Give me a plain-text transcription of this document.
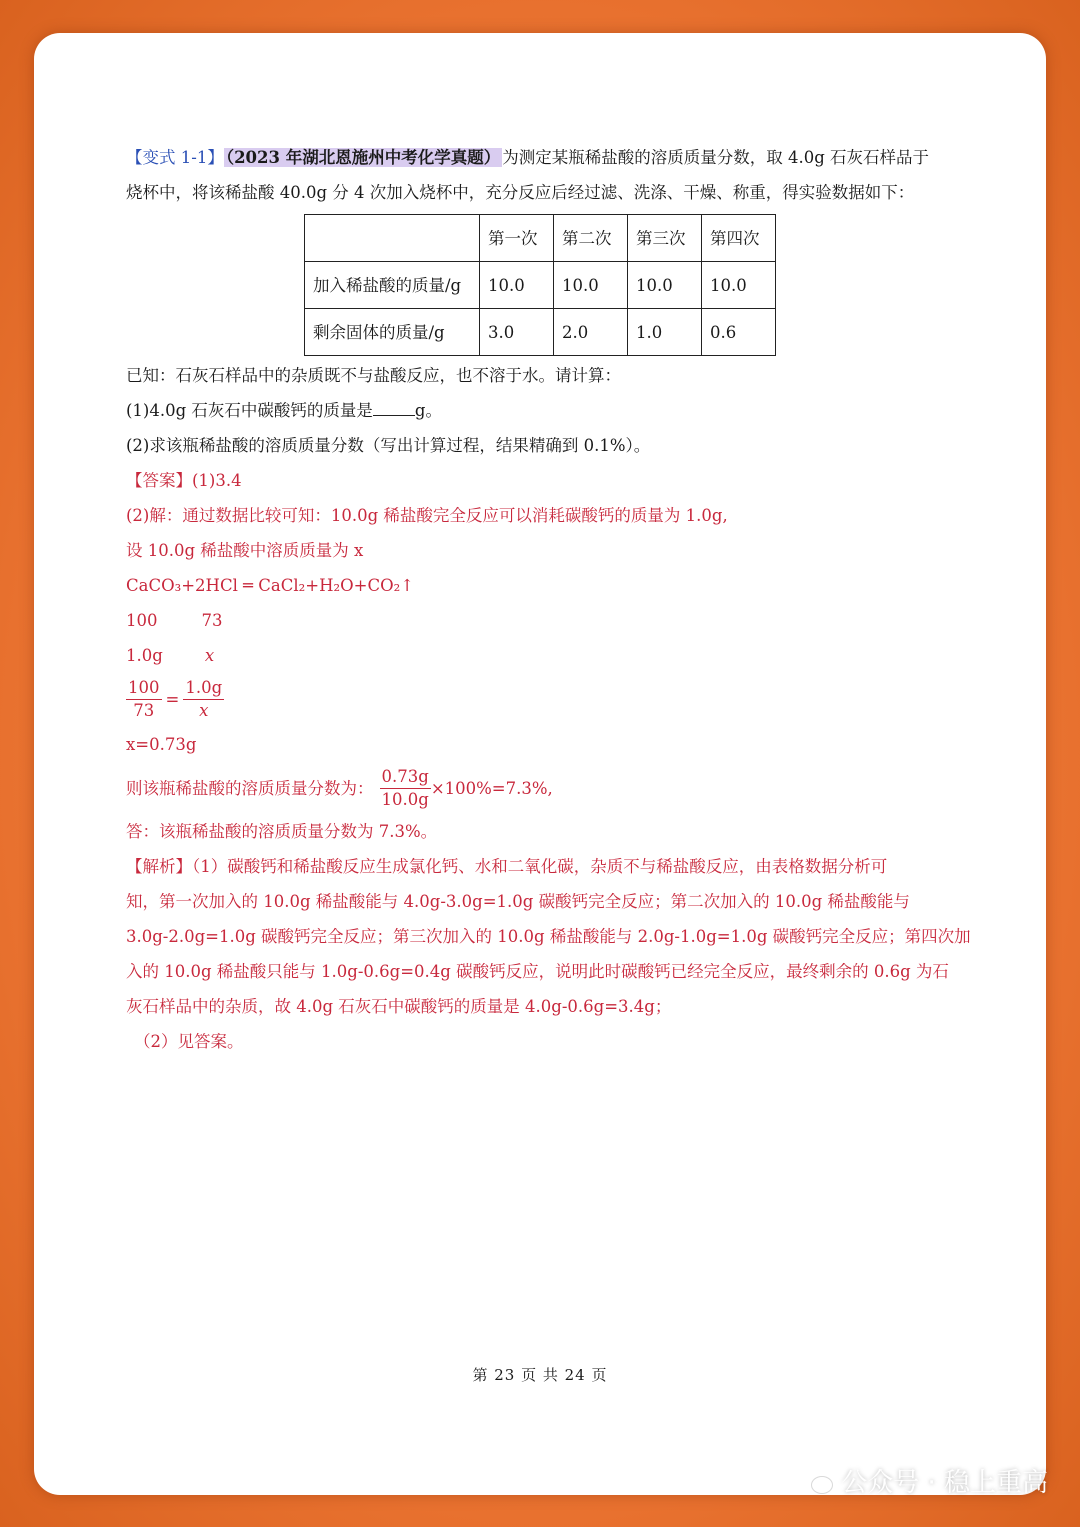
【变式 1-1】 （2023 年湖北恩施州中考化学真题） 为测定某瓶稀盐酸的溶质质量分数，取 4.0g 石灰石样品于
烧杯中，将该稀盐酸 40.0g 分 4 次加入烧杯中，充分反应后经过滤、洗涤、干燥、称重，得实验数据如下：
	第一次	第二次	第三次	第四次
加入稀盐酸的质量/g	10.0	10.0	10.0	10.0
剩余固体的质量/g	3.0	2.0	1.0	0.6
已知：石灰石样品中的杂质既不与盐酸反应，也不溶于水。请计算：
(1)4.0g 石灰石中碳酸钙的质量是	g。
(2)求该瓶稀盐酸的溶质质量分数（写出计算过程，结果精确到 0.1%）。
【答案】(1)3.4
(2)解：通过数据比较可知：10.0g 稀盐酸完全反应可以消耗碳酸钙的质量为 1.0g,
设 10.0g 稀盐酸中溶质质量为 x
CaCO₃+2HCl ═ CaCl₂+H₂O+CO₂↑
100	73
1.0g	x
$\frac{100}{73} = \frac{1.0g}{x}$
x=0.73g
则该瓶稀盐酸的溶质质量分数为： $\frac{0.73g}{10.0g} \times 100\%=7.3\%$,
答：该瓶稀盐酸的溶质质量分数为 7.3%。
【解析】（1）碳酸钙和稀盐酸反应生成氯化钙、水和二氧化碳，杂质不与稀盐酸反应，由表格数据分析可
知，第一次加入的 10.0g 稀盐酸能与 4.0g-3.0g=1.0g 碳酸钙完全反应；第二次加入的 10.0g 稀盐酸能与
3.0g-2.0g=1.0g 碳酸钙完全反应；第三次加入的 10.0g 稀盐酸能与 2.0g-1.0g=1.0g 碳酸钙完全反应；第四次加
入的 10.0g 稀盐酸只能与 1.0g-0.6g=0.4g 碳酸钙反应，说明此时碳酸钙已经完全反应，最终剩余的 0.6g 为石
灰石样品中的杂质，故 4.0g 石灰石中碳酸钙的质量是 4.0g-0.6g=3.4g；
（2）见答案。
第 23 页 共 24 页
公众号 · 稳上重高
